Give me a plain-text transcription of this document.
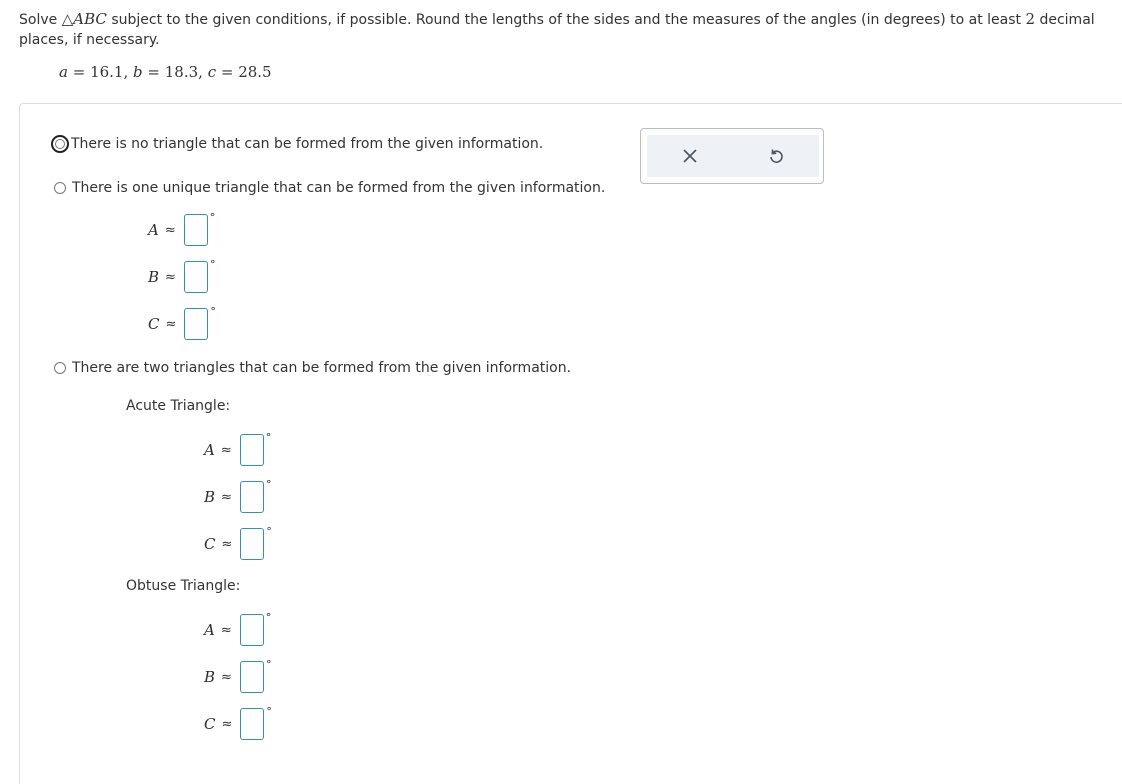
Solve △ABC subject to the given conditions, if possible. Round the lengths of the sides and the measures of the angles (in degrees) to at least 2 decimal places, if necessary.
a = 16.1, b = 18.3, c = 28.5
There is no triangle that can be formed from the given information.
There is one unique triangle that can be formed from the given information.
A ≈
°
B ≈
°
C ≈
°
There are two triangles that can be formed from the given information.
Acute Triangle:
A ≈
°
B ≈
°
C ≈
°
Obtuse Triangle:
A ≈
°
B ≈
°
C ≈
°
